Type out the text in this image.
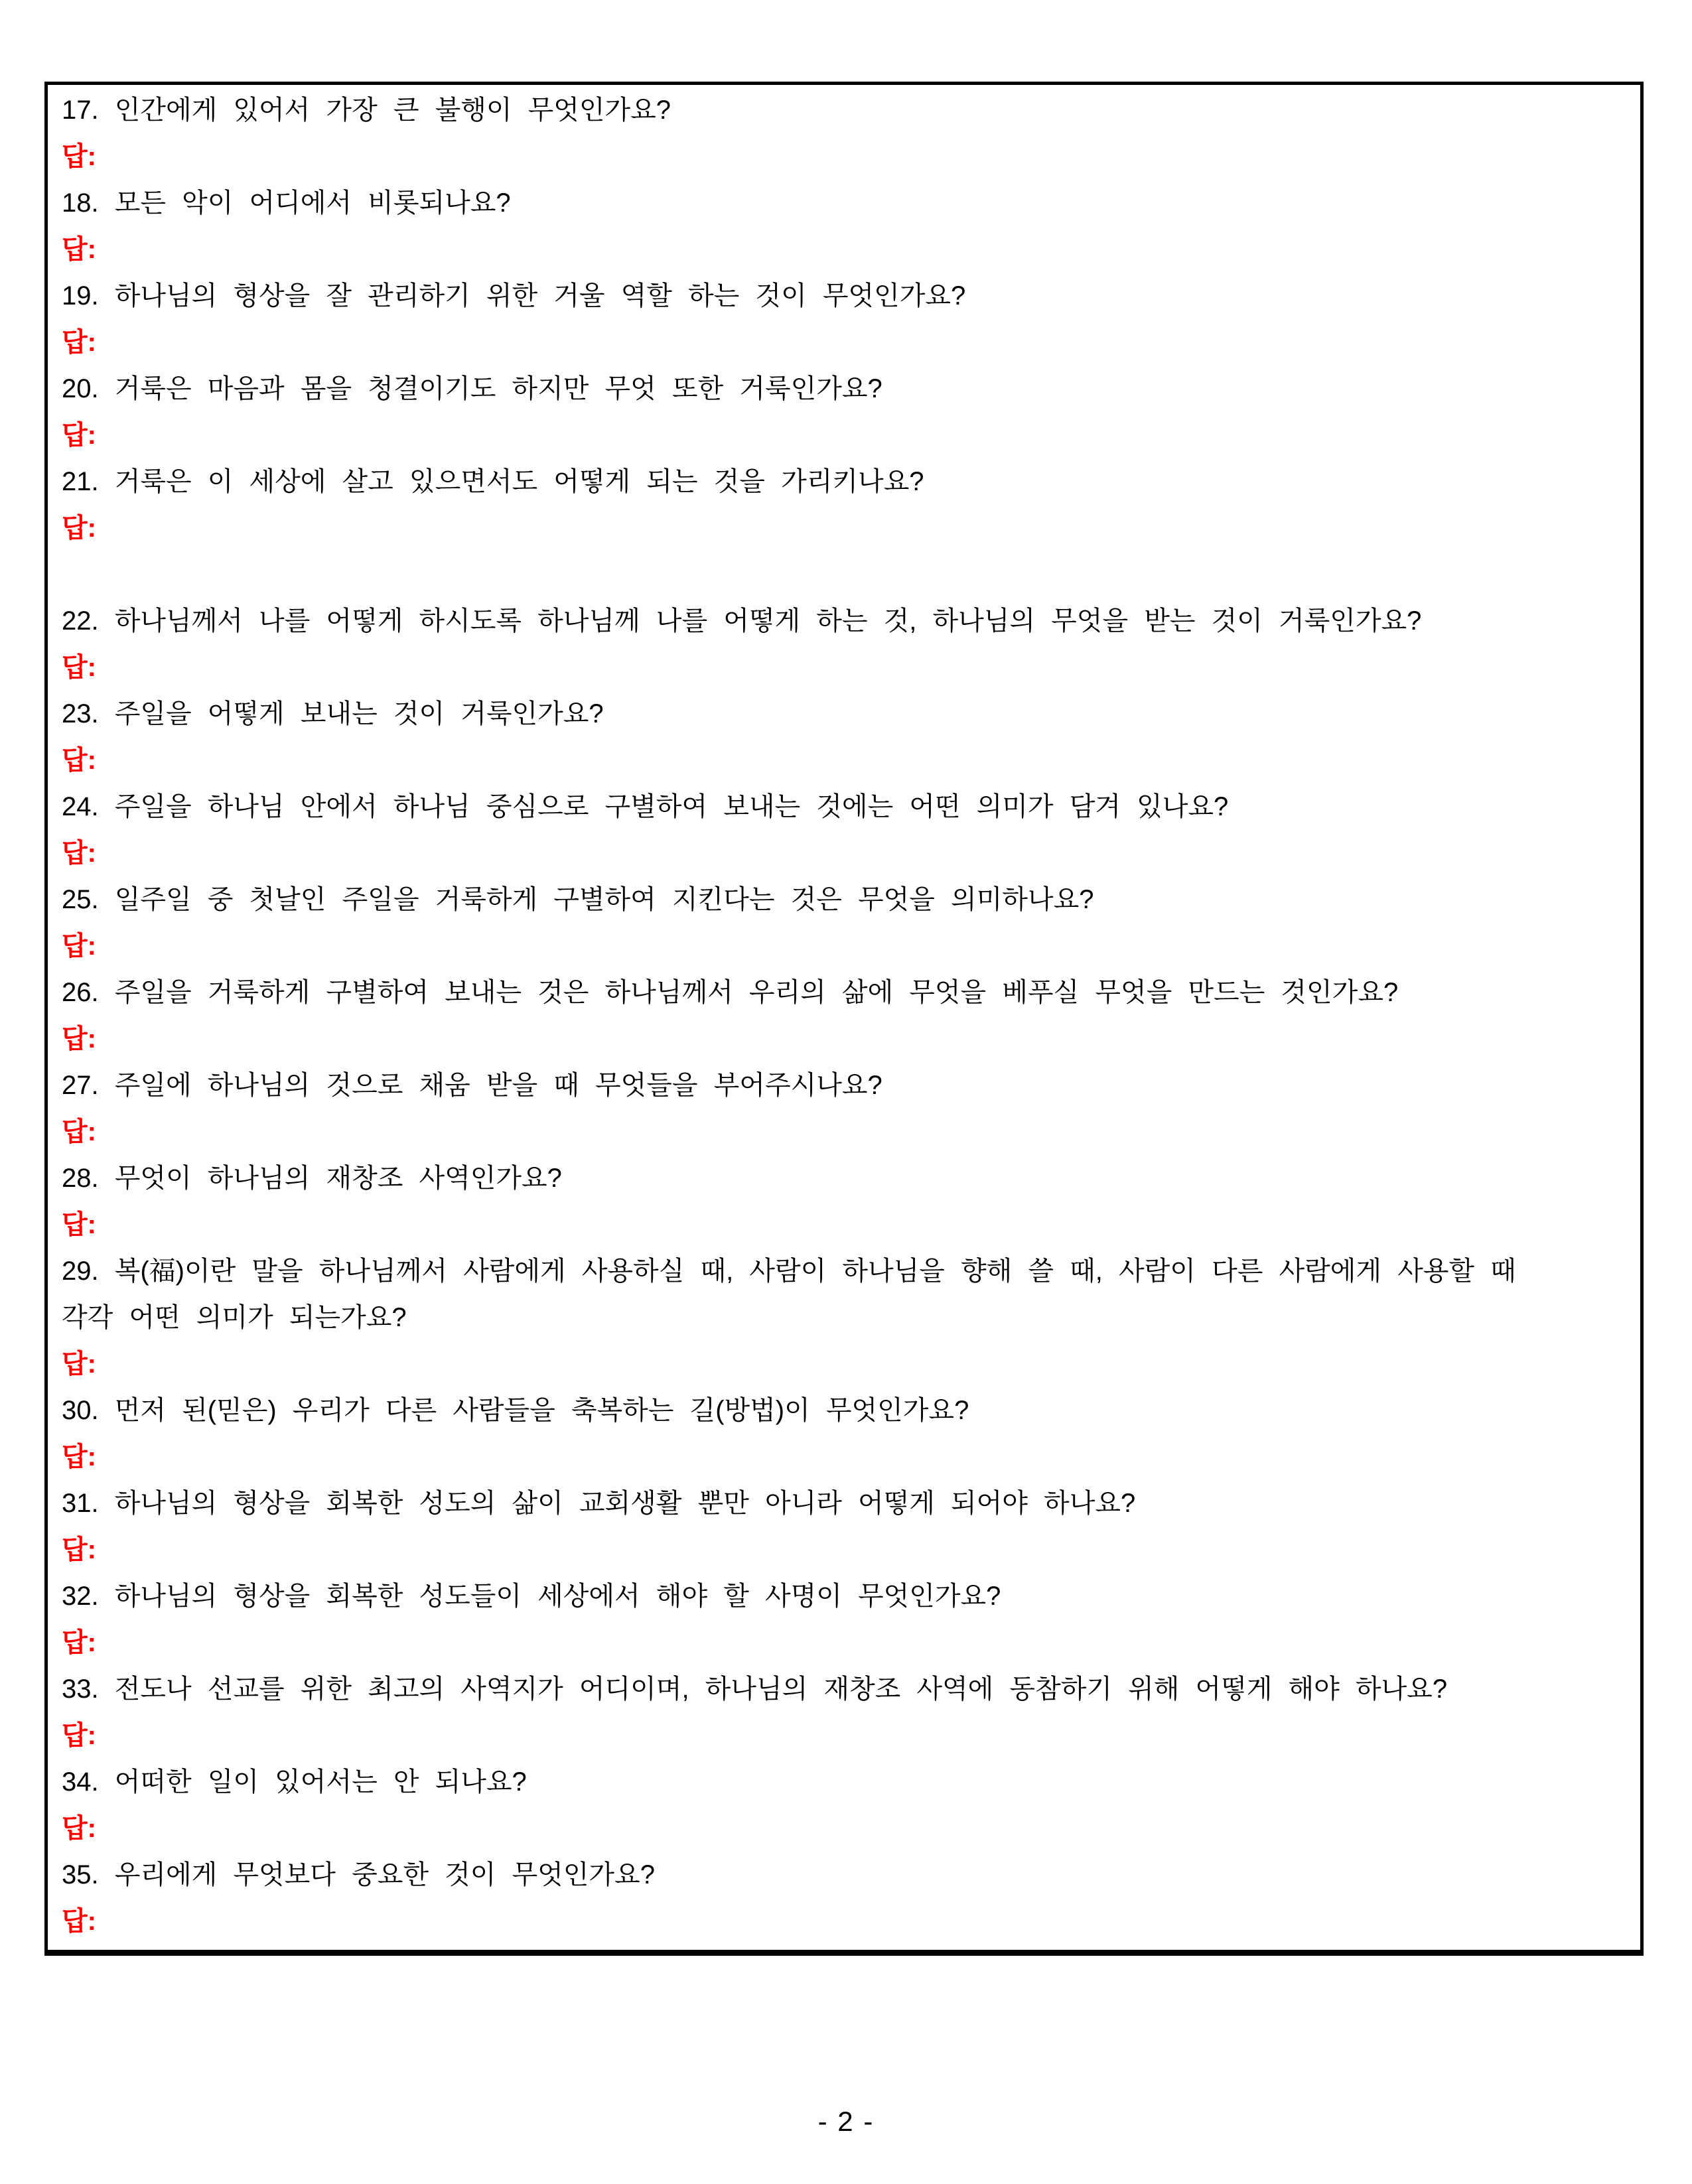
17. 인간에게 있어서 가장 큰 불행이 무엇인가요?
답:
18. 모든 악이 어디에서 비롯되나요?
답:
19. 하나님의 형상을 잘 관리하기 위한 거울 역할 하는 것이 무엇인가요?
답:
20. 거룩은 마음과 몸을 청결이기도 하지만 무엇 또한 거룩인가요?
답:
21. 거룩은 이 세상에 살고 있으면서도 어떻게 되는 것을 가리키나요?
답:
22. 하나님께서 나를 어떻게 하시도록 하나님께 나를 어떻게 하는 것, 하나님의 무엇을 받는 것이 거룩인가요?
답:
23. 주일을 어떻게 보내는 것이 거룩인가요?
답:
24. 주일을 하나님 안에서 하나님 중심으로 구별하여 보내는 것에는 어떤 의미가 담겨 있나요?
답:
25. 일주일 중 첫날인 주일을 거룩하게 구별하여 지킨다는 것은 무엇을 의미하나요?
답:
26. 주일을 거룩하게 구별하여 보내는 것은 하나님께서 우리의 삶에 무엇을 베푸실 무엇을 만드는 것인가요?
답:
27. 주일에 하나님의 것으로 채움 받을 때 무엇들을 부어주시나요?
답:
28. 무엇이 하나님의 재창조 사역인가요?
답:
29. 복(福)이란 말을 하나님께서 사람에게 사용하실 때, 사람이 하나님을 향해 쓸 때, 사람이 다른 사람에게 사용할 때
각각 어떤 의미가 되는가요?
답:
30. 먼저 된(믿은) 우리가 다른 사람들을 축복하는 길(방법)이 무엇인가요?
답:
31. 하나님의 형상을 회복한 성도의 삶이 교회생활 뿐만 아니라 어떻게 되어야 하나요?
답:
32. 하나님의 형상을 회복한 성도들이 세상에서 해야 할 사명이 무엇인가요?
답:
33. 전도나 선교를 위한 최고의 사역지가 어디이며, 하나님의 재창조 사역에 동참하기 위해 어떻게 해야 하나요?
답:
34. 어떠한 일이 있어서는 안 되나요?
답:
35. 우리에게 무엇보다 중요한 것이 무엇인가요?
답:
- 2 -
